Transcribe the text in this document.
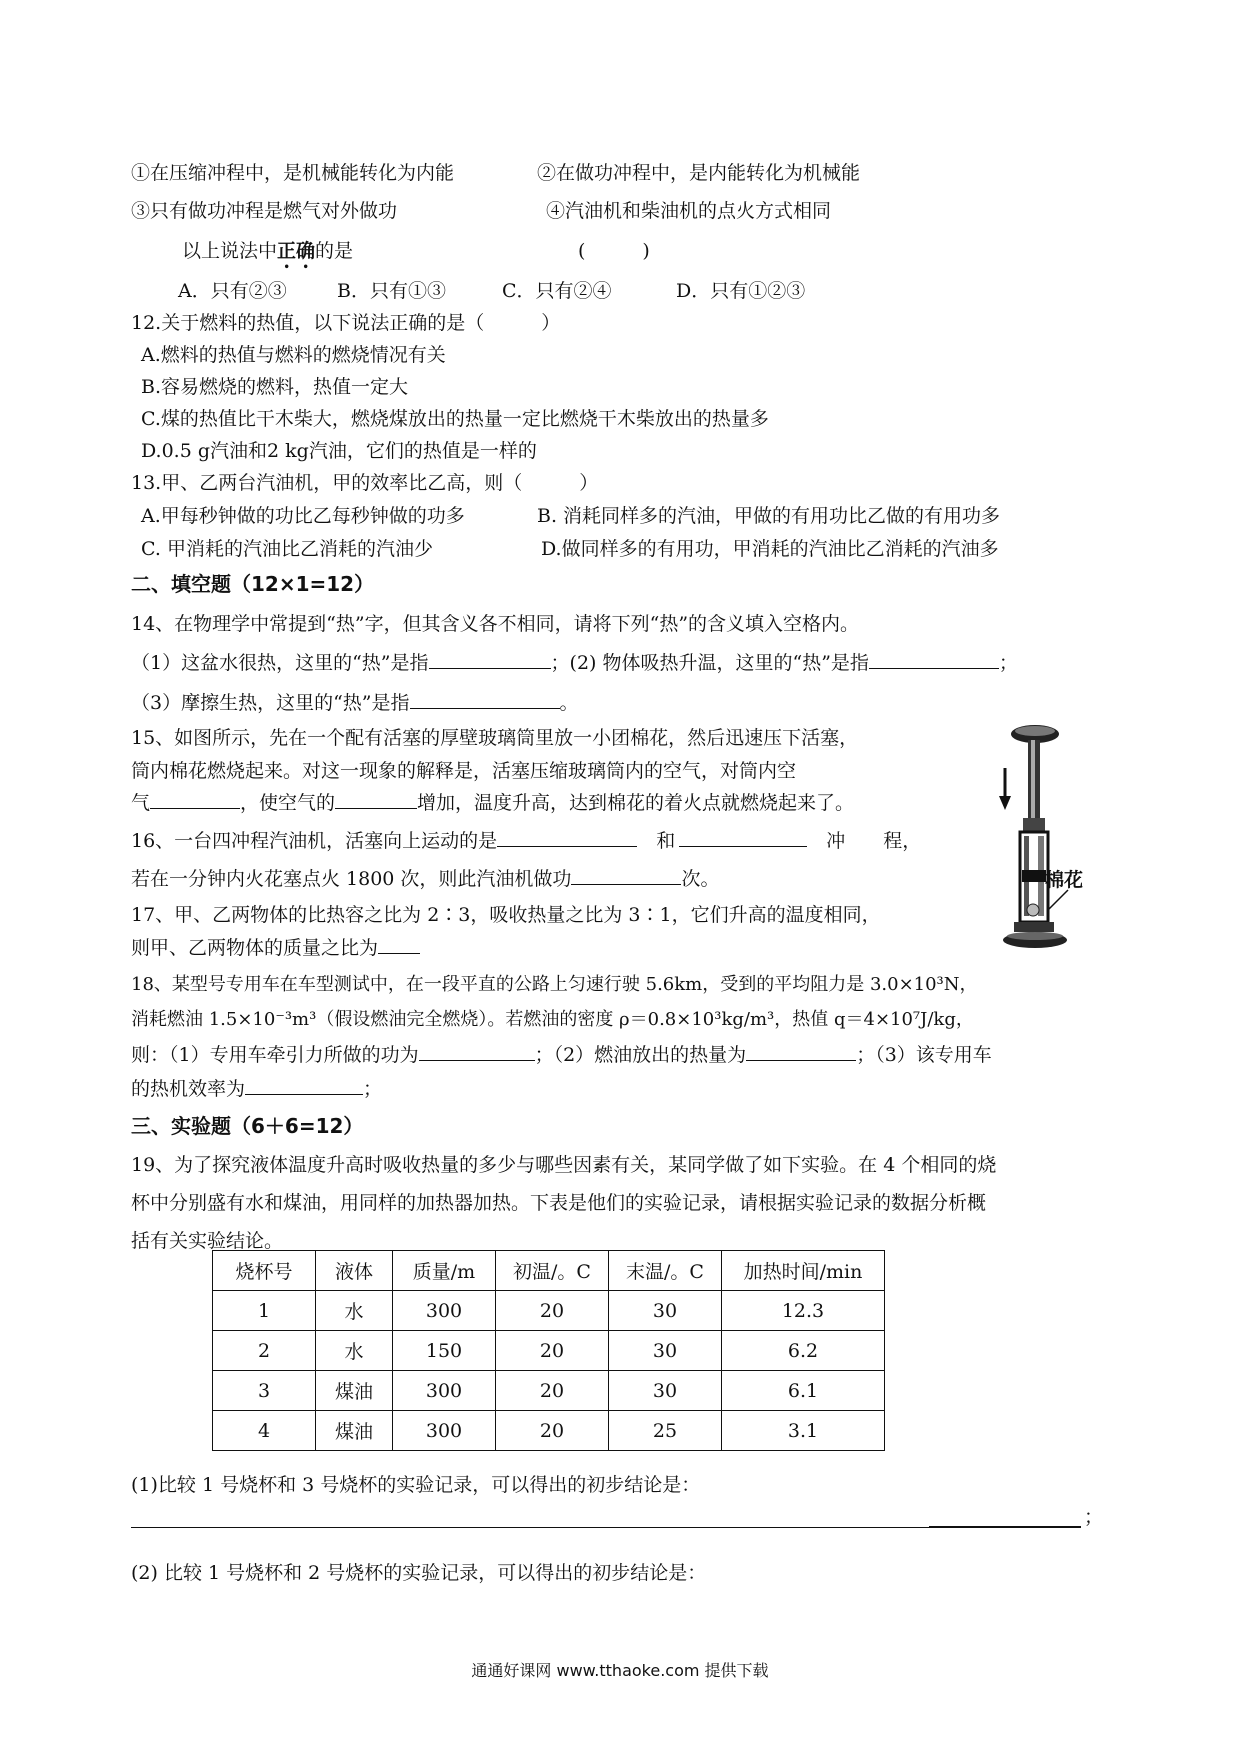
①在压缩冲程中，是机械能转化为内能	②在做功冲程中，是内能转化为机械能
③只有做功冲程是燃气对外做功	④汽油机和柴油机的点火方式相同
以上说法中正确的是	(　　　)
A．只有②③	B．只有①③	C．只有②④	D．只有①②③
12.关于燃料的热值，以下说法正确的是（　　　）
A.燃料的热值与燃料的燃烧情况有关
B.容易燃烧的燃料，热值一定大
C.煤的热值比干木柴大，燃烧煤放出的热量一定比燃烧干木柴放出的热量多
D.0.5 g汽油和2 kg汽油，它们的热值是一样的
13.甲、乙两台汽油机，甲的效率比乙高，则（　　　）
A.甲每秒钟做的功比乙每秒钟做的功多	B. 消耗同样多的汽油，甲做的有用功比乙做的有用功多
C. 甲消耗的汽油比乙消耗的汽油少	D.做同样多的有用功，甲消耗的汽油比乙消耗的汽油多
二、填空题（12×1=12）
14、在物理学中常提到“热”字，但其含义各不相同，请将下列“热”的含义填入空格内。
（1）这盆水很热，这里的“热”是指	；(2) 物体吸热升温，这里的“热”是指	；
（3）摩擦生热，这里的“热”是指	。
15、如图所示，先在一个配有活塞的厚壁玻璃筒里放一小团棉花，然后迅速压下活塞，
筒内棉花燃烧起来。对这一现象的解释是，活塞压缩玻璃筒内的空气，对筒内空
气	，使空气的	增加，温度升高，达到棉花的着火点就燃烧起来了。
16、一台四冲程汽油机，活塞向上运动的是　	和　	冲　　程，
若在一分钟内火花塞点火 1800 次，则此汽油机做功	次。
17、甲、乙两物体的比热容之比为 2∶3，吸收热量之比为 3∶1，它们升高的温度相同，
则甲、乙两物体的质量之比为
18、某型号专用车在车型测试中，在一段平直的公路上匀速行驶 5.6km，受到的平均阻力是 3.0×10³N，
消耗燃油 1.5×10⁻³m³（假设燃油完全燃烧）。若燃油的密度 ρ＝0.8×10³kg/m³，热值 q＝4×10⁷J/kg，
则：（1）专用车牵引力所做的功为	；（2）燃油放出的热量为	；（3）该专用车
的热机效率为	；
三、实验题（6＋6=12）
19、为了探究液体温度升高时吸收热量的多少与哪些因素有关，某同学做了如下实验。在 4 个相同的烧
杯中分别盛有水和煤油，用同样的加热器加热。下表是他们的实验记录，请根据实验记录的数据分析概
括有关实验结论。
烧杯号	液体	质量/m	初温/。C	末温/。C	加热时间/min
1	水	300	20	30	12.3
2	水	150	20	30	6.2
3	煤油	300	20	30	6.1
4	煤油	300	20	25	3.1
(1)比较 1 号烧杯和 3 号烧杯的实验记录，可以得出的初步结论是：
；
(2) 比较 1 号烧杯和 2 号烧杯的实验记录，可以得出的初步结论是：
棉花
通通好课网 www.tthaoke.com 提供下载
